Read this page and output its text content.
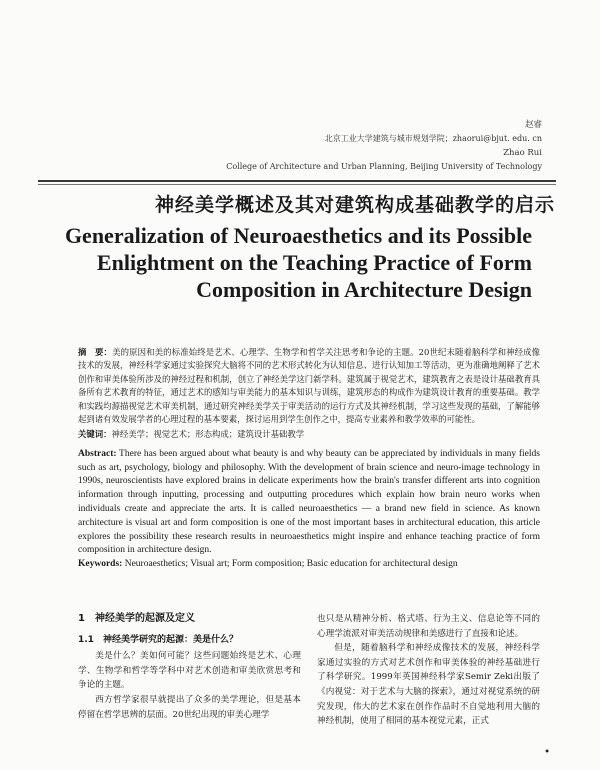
赵睿
北京工业大学建筑与城市规划学院；zhaorui@bjut. edu. cn
Zhao Rui
College of Architecture and Urban Planning, Beijing University of Technology
神经美学概述及其对建筑构成基础教学的启示
Generalization of Neuroaesthetics and its Possible
Enlightment on the Teaching Practice of Form
Composition in Architecture Design

摘　要：美的原因和美的标准始终是艺术、心理学、生物学和哲学关注思考和争论的主题。20世纪末随着脑科学和神经成像技术的发展，神经科学家通过实验探究大脑将不同的艺术形式转化为认知信息、进行认知加工等活动，更为准确地阐释了艺术创作和审美体验所涉及的神经过程和机制，创立了神经美学这门新学科。建筑属于视觉艺术，建筑教育之表是设计基础教育具备所有艺术教育的特征，通过艺术的感知与审美能力的基本知识与训练，建筑形态的构成作为建筑设计教育的重要基础。教学和实践均源描视觉艺术审美机制，通过研究神经美学关于审美活动的运行方式及其神经机制，学习这些发现的基础，了解能够起到诸有效发展学者的心理过程的基本要素，探讨运用到学生创作之中，提高专业素养和教学效率的可能性。

关键词：神经美学；视觉艺术；形态构成；建筑设计基础教学

Abstract: There has been argued about what beauty is and why beauty can be appreciated by individuals in many fields such as art, psychology, biology and philosophy. With the development of brain science and neuro-image technology in 1990s, neuroscientists have explored brains in delicate experiments how the brain's transfer different arts into cognition information through inputting, processing and outputting procedures which explain how brain neuro works when individuals create and appreciate the arts. It is called neuroaesthetics — a brand new field in science. As known architecture is visual art and form composition is one of the most important bases in architectural education, this article explores the possibility these research results in neuroaesthetics might inspire and enhance teaching practice of form composition in architecture design.

Keywords: Neuroaesthetics; Visual art; Form composition; Basic education for architectural design

1　神经美学的起源及定义
1.1　神经美学研究的起源：美是什么？

美是什么？美如何可能？这些问题始终是艺术、心理学、生物学和哲学等学科中对艺术创造和审美欣赏思考和争论的主题。

西方哲学家很早就提出了众多的美学理论，但是基本停留在哲学思辨的层面。20世纪出现的审美心理学

也只是从精神分析、格式塔、行为主义、信息论等不同的心理学流派对审美活动规律和美感进行了直接和论述。

但是，随着脑科学和神经成像技术的发展，神经科学家通过实验的方式对艺术创作和审美体验的神经基础进行了科学研究。1999年英国神经科学家Semir Zeki出版了《内视觉：对于艺术与大脑的探索》，通过对视觉系统的研究发现，伟大的艺术家在创作作品时不自觉地利用大脑的神经机制，使用了相同的基本视觉元素，正式

•
